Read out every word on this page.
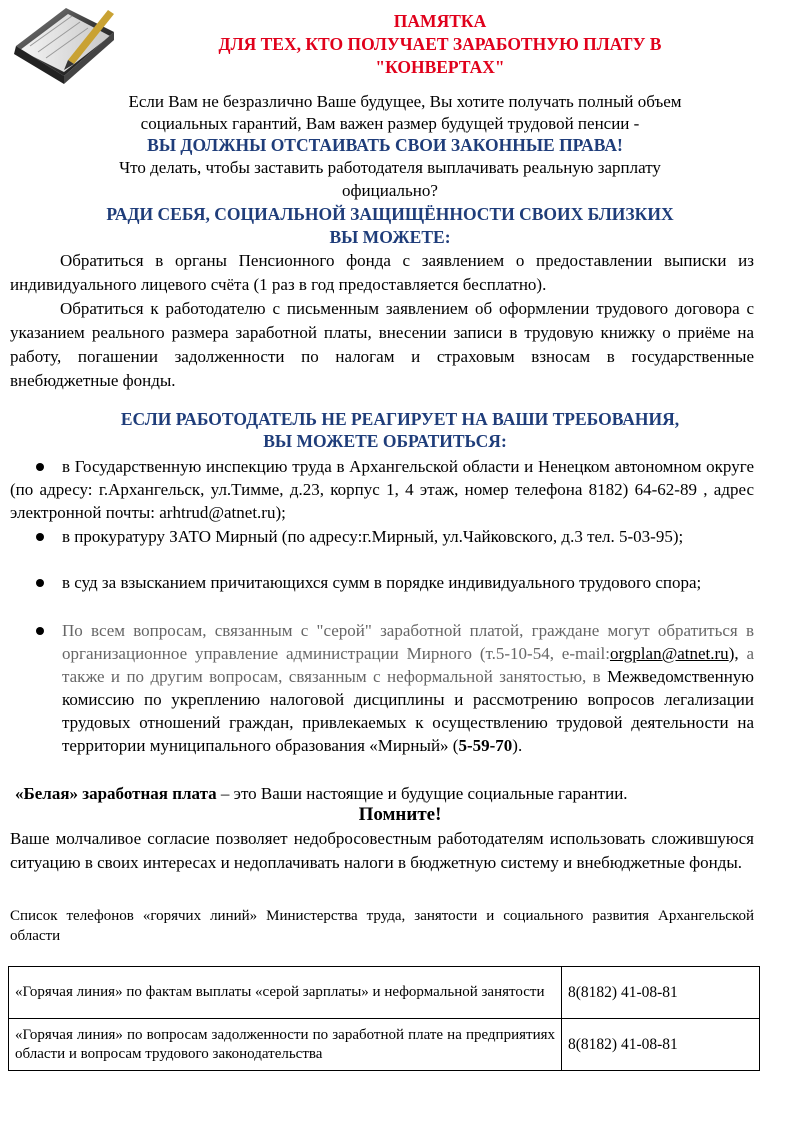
ПАМЯТКА
ДЛЯ ТЕХ, КТО ПОЛУЧАЕТ ЗАРАБОТНУЮ ПЛАТУ В
"КОНВЕРТАХ"
Если Вам не безразлично Ваше будущее, Вы хотите получать полный объем
социальных гарантий, Вам важен размер будущей трудовой пенсии -
ВЫ ДОЛЖНЫ ОТСТАИВАТЬ СВОИ ЗАКОННЫЕ ПРАВА!
Что делать, чтобы заставить работодателя выплачивать реальную зарплату
официально?
РАДИ СЕБЯ, СОЦИАЛЬНОЙ ЗАЩИЩЁННОСТИ СВОИХ БЛИЗКИХ
ВЫ МОЖЕТЕ:
Обратиться в органы Пенсионного фонда с заявлением о предоставлении выписки из индивидуального лицевого счёта (1 раз в год предоставляется бесплатно).
Обратиться к работодателю с письменным заявлением об оформлении трудового договора с указанием реального размера заработной платы, внесении записи в трудовую книжку о приёме на работу, погашении задолженности по налогам и страховым взносам в государственные внебюджетные фонды.
ЕСЛИ РАБОТОДАТЕЛЬ НЕ РЕАГИРУЕТ НА ВАШИ ТРЕБОВАНИЯ,
ВЫ МОЖЕТЕ ОБРАТИТЬСЯ:
в Государственную инспекцию труда в Архангельской области и Ненецком автономном округе (по адресу: г.Архангельск, ул.Тимме, д.23, корпус 1, 4 этаж, номер телефона 8182) 64-62-89 , адрес электронной почты: arhtrud@atnet.ru);
в прокуратуру ЗАТО Мирный (по адресу:г.Мирный, ул.Чайковского, д.3 тел. 5-03-95);
в суд за взысканием причитающихся сумм в порядке индивидуального трудового спора;
По всем вопросам, связанным с "серой" заработной платой, граждане могут обратиться в организационное управление администрации Мирного (т.5-10-54, e-mail:orgplan@atnet.ru), а также и по другим вопросам, связанным с неформальной занятостью, в Межведомственную комиссию по укреплению налоговой дисциплины и рассмотрению вопросов легализации трудовых отношений граждан, привлекаемых к осуществлению трудовой деятельности на территории муниципального образования «Мирный» (5-59-70).
«Белая» заработная плата – это Ваши настоящие и будущие социальные гарантии.
Помните!
Ваше молчаливое согласие позволяет недобросовестным работодателям использовать сложившуюся ситуацию в своих интересах и недоплачивать налоги в бюджетную систему и внебюджетные фонды.
Список телефонов «горячих линий» Министерства труда, занятости и социального развития Архангельской области
«Горячая линия» по фактам выплаты «серой зарплаты» и неформальной занятости	8(8182) 41-08-81
«Горячая линия» по вопросам задолженности по заработной плате на предприятиях области и вопросам трудового законодательства	8(8182) 41-08-81
